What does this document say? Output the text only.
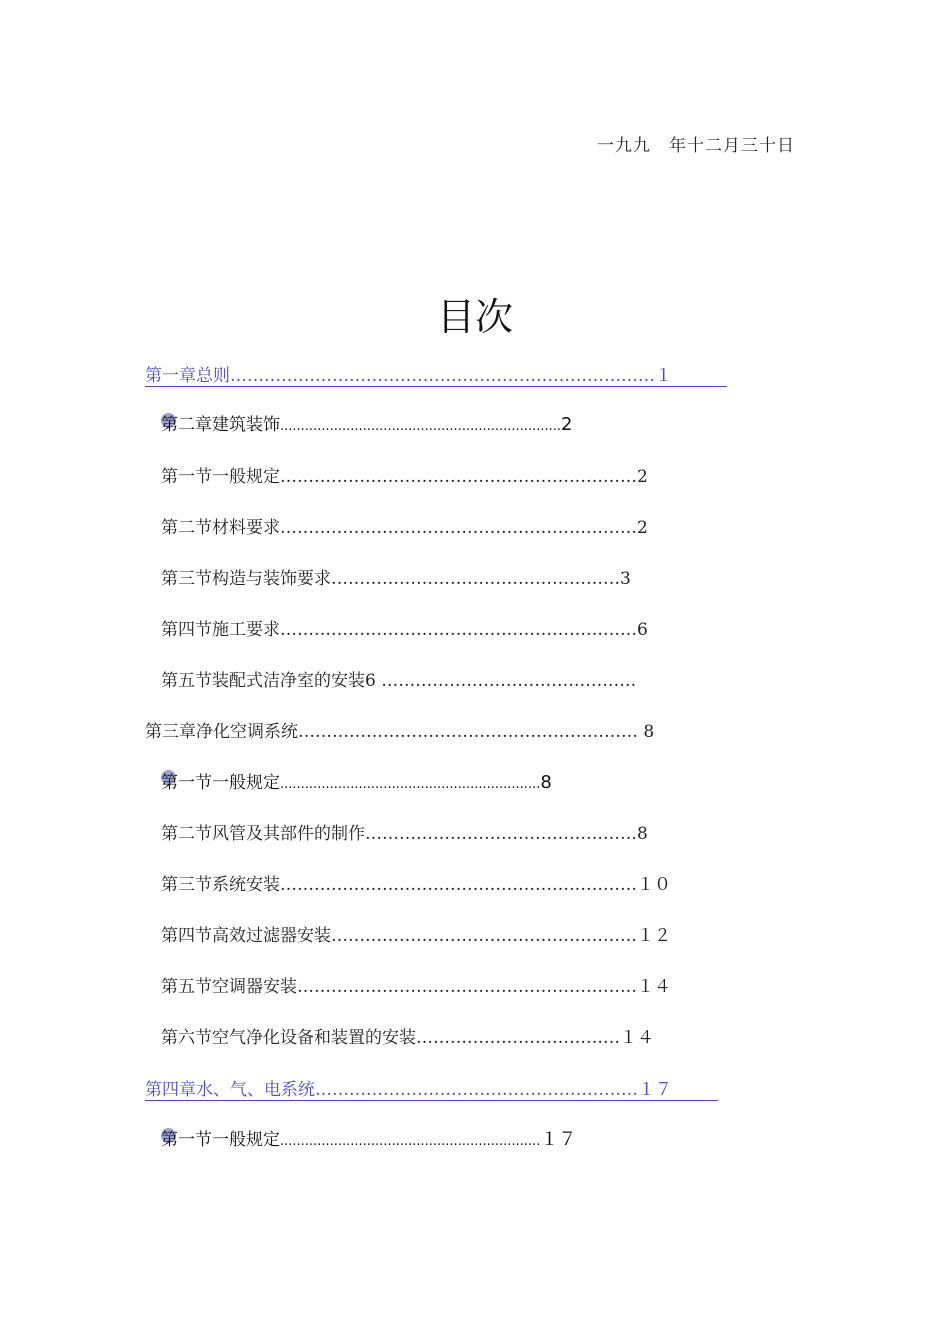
一九九　年十二月三十日
目次
第一章总则…………………………………………………………………１
第二章建筑装饰....................................................................2
第一节一般规定………………………………………………………2
第二节材料要求………………………………………………………2
第三节构造与装饰要求……………………………………………3
第四节施工要求………………………………………………………6
第五节装配式洁净室的安装6 ………………………………………
第三章净化空调系统…………………………………………………… 8
第一节一般规定...............................................................8
第二节风管及其部件的制作…………………………………………8
第三节系统安装………………………………………………………１０
第四节高效过滤器安装………………………………………………１２
第五节空调器安装……………………………………………………１４
第六节空气净化设备和装置的安装………………………………１４
第四章水、气、电系统…………………………………………………１７
第一节一般规定...............................................................１７
